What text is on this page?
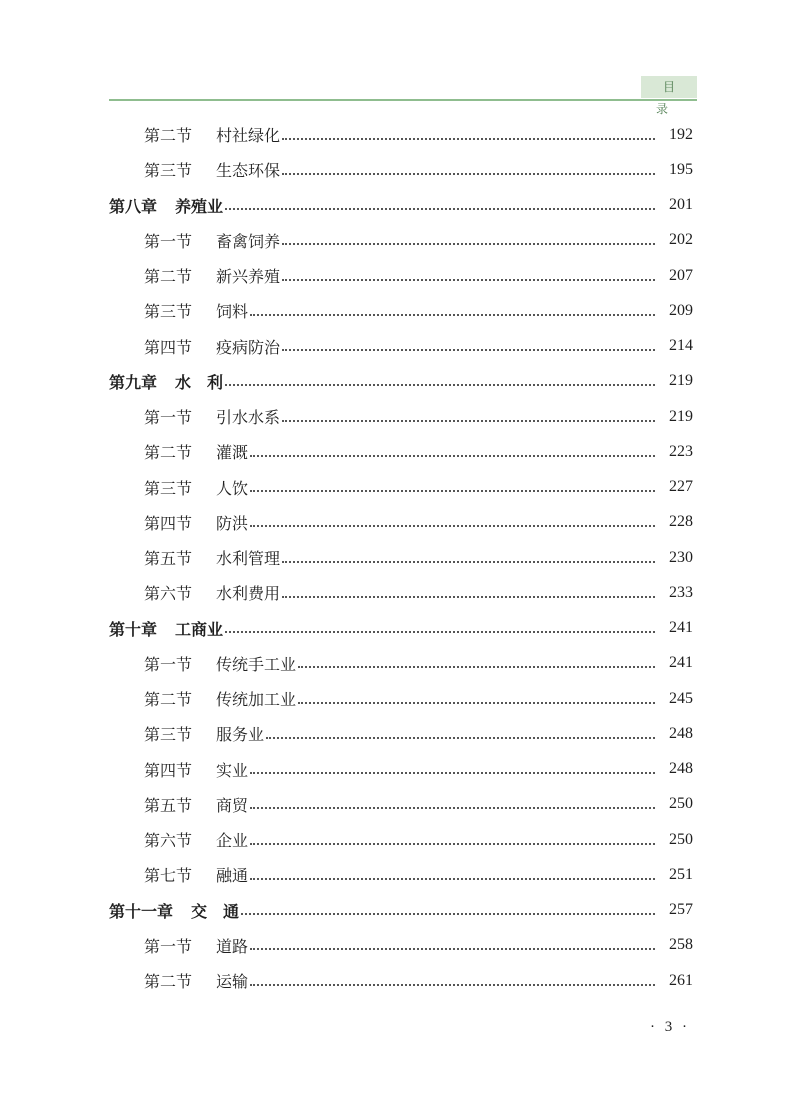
目 录
第二节 村社绿化	192
第三节 生态环保	195
第八章 养殖业	201
第一节 畜禽饲养	202
第二节 新兴养殖	207
第三节 饲料	209
第四节 疫病防治	214
第九章 水　利	219
第一节 引水水系	219
第二节 灌溉	223
第三节 人饮	227
第四节 防洪	228
第五节 水利管理	230
第六节 水利费用	233
第十章 工商业	241
第一节 传统手工业	241
第二节 传统加工业	245
第三节 服务业	248
第四节 实业	248
第五节 商贸	250
第六节 企业	250
第七节 融通	251
第十一章 交　通	257
第一节 道路	258
第二节 运输	261
· 3 ·
